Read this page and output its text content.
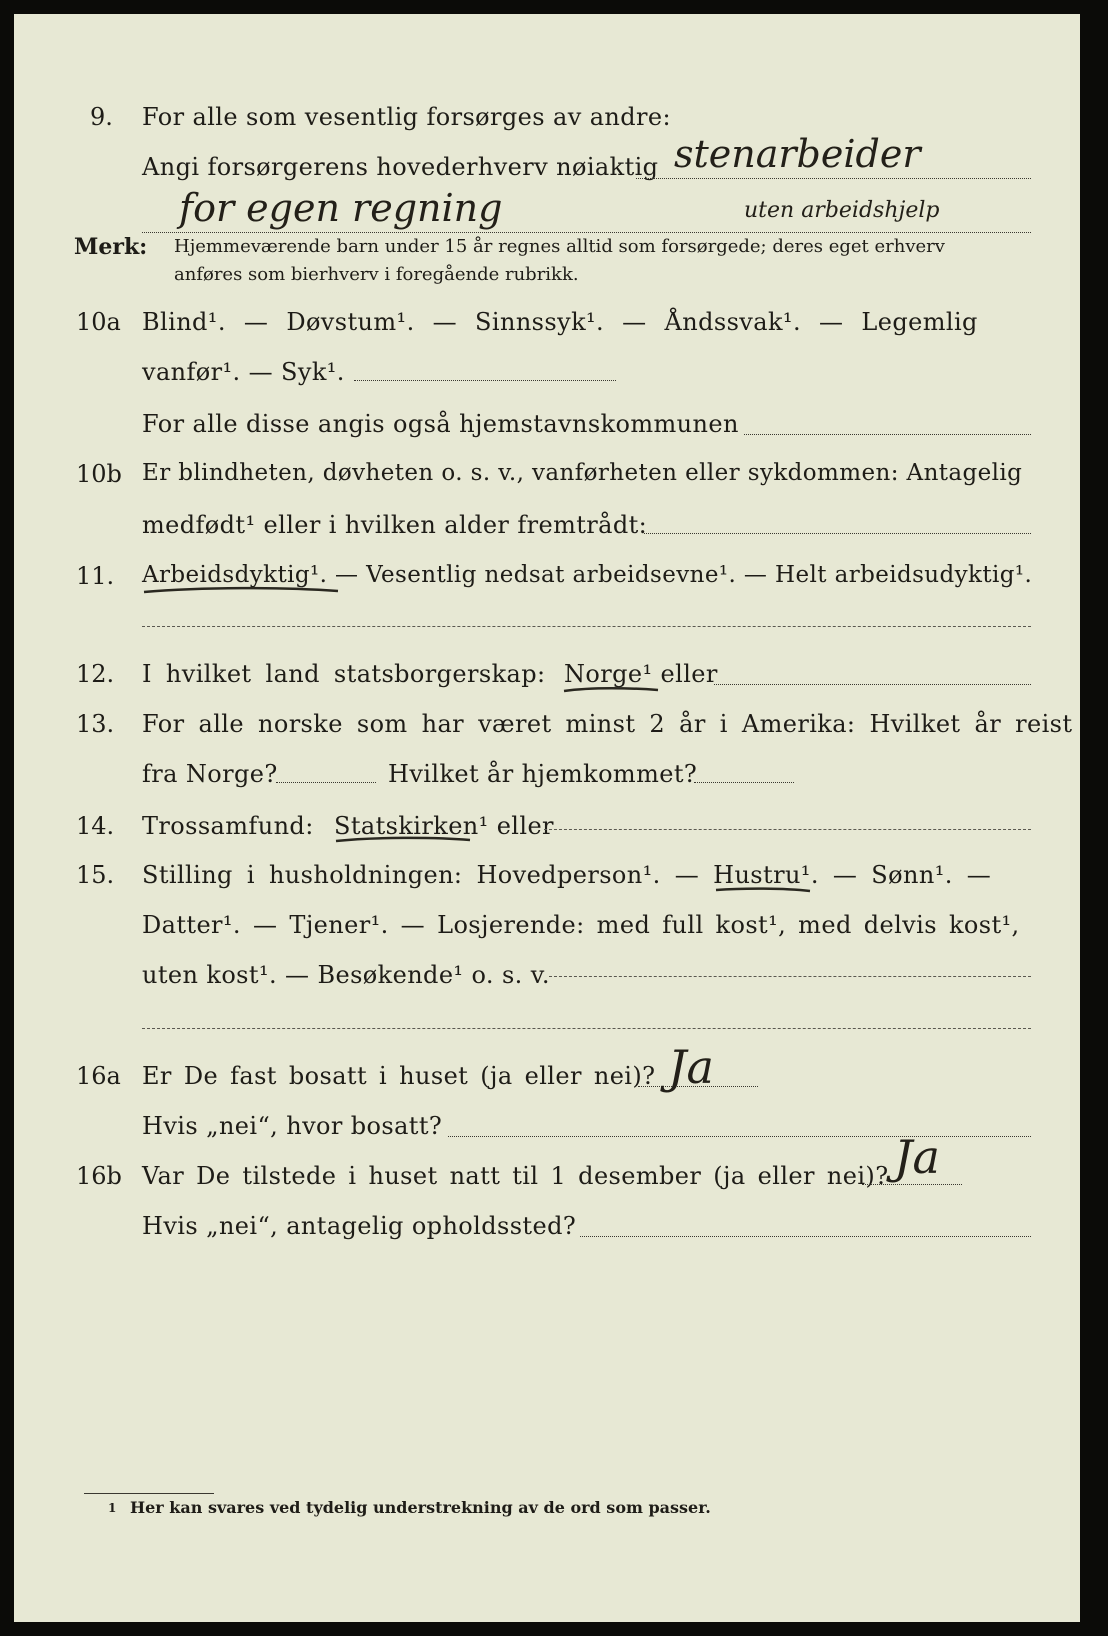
9. For alle som vesentlig forsørges av andre:
Angi forsørgerens hovederhverv nøiaktig stenarbeider
for egen regning	uten arbeidshjelp
Merk: Hjemmeværende barn under 15 år regnes alltid som forsørgede; deres eget erhverv
anføres som bierhverv i foregående rubrikk.
10a Blind¹. — Døvstum¹. — Sinnssyk¹. — Åndssvak¹. — Legemlig
vanfør¹. — Syk¹.
For alle disse angis også hjemstavnskommunen
10b Er blindheten, døvheten o. s. v., vanførheten eller sykdommen: Antagelig
medfødt¹ eller i hvilken alder fremtrådt:
11. Arbeidsdyktig¹. — Vesentlig nedsat arbeidsevne¹. — Helt arbeidsudyktig¹.
12. I hvilket land statsborgerskap: Norge¹ eller
13. For alle norske som har været minst 2 år i Amerika: Hvilket år reist
fra Norge?	Hvilket år hjemkommet?
14. Trossamfund: Statskirken¹ eller
15. Stilling i husholdningen: Hovedperson¹. — Hustru¹. — Sønn¹. —
Datter¹. — Tjener¹. — Losjerende: med full kost¹, med delvis kost¹,
uten kost¹. — Besøkende¹ o. s. v.
16a Er De fast bosatt i huset (ja eller nei)? Ja
Hvis „nei“, hvor bosatt?
16b Var De tilstede i huset natt til 1 desember (ja eller nei)? Ja
Hvis „nei“, antagelig opholdssted?
1 Her kan svares ved tydelig understrekning av de ord som passer.
